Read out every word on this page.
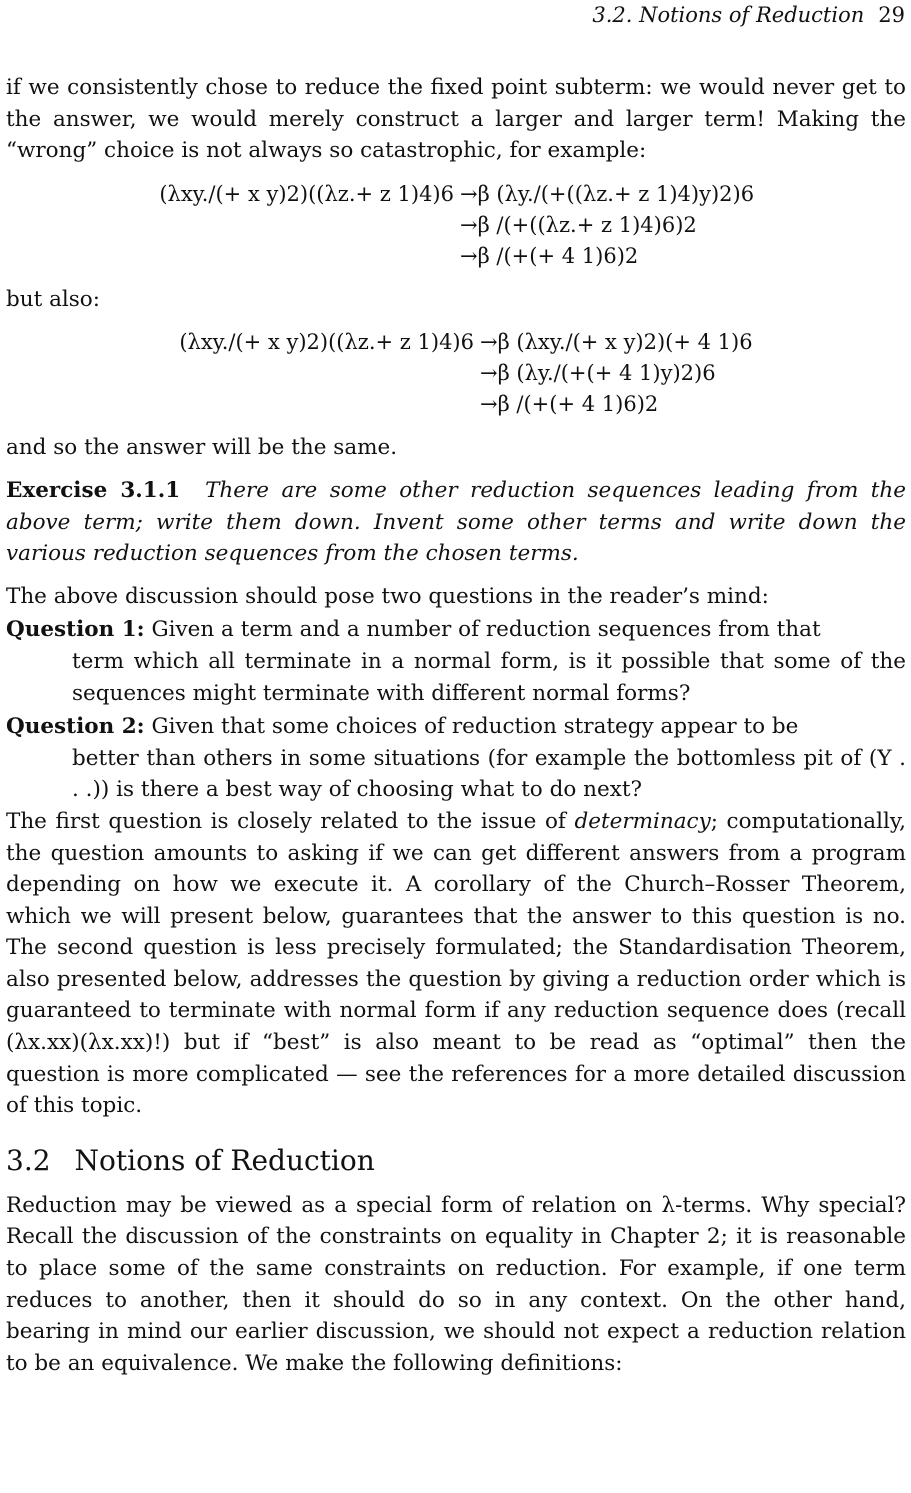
3.2. Notions of Reduction 29

if we consistently chose to reduce the fixed point subterm: we would never get to the answer, we would merely construct a larger and larger term! Making the “wrong” choice is not always so catastrophic, for example:

(λxy./(+ x y)2)((λz.+ z 1)4)6 →β (λy./(+((λz.+ z 1)4)y)2)6
→β /(+((λz.+ z 1)4)6)2
→β /(+(+ 4 1)6)2

but also:

(λxy./(+ x y)2)((λz.+ z 1)4)6 →β (λxy./(+ x y)2)(+ 4 1)6
→β (λy./(+(+ 4 1)y)2)6
→β /(+(+ 4 1)6)2

and so the answer will be the same.

Exercise 3.1.1 There are some other reduction sequences leading from the above term; write them down. Invent some other terms and write down the various reduction sequences from the chosen terms.

The above discussion should pose two questions in the reader’s mind:

Question 1: Given a term and a number of reduction sequences from that
term which all terminate in a normal form, is it possible that some of the sequences might terminate with different normal forms?
Question 2: Given that some choices of reduction strategy appear to be
better than others in some situations (for example the bottomless pit of (Y . . .)) is there a best way of choosing what to do next?

The first question is closely related to the issue of determinacy; computationally, the question amounts to asking if we can get different answers from a program depending on how we execute it. A corollary of the Church–Rosser Theorem, which we will present below, guarantees that the answer to this question is no. The second question is less precisely formulated; the Standardisation Theorem, also presented below, addresses the question by giving a reduction order which is guaranteed to terminate with normal form if any reduction sequence does (recall (λx.xx)(λx.xx)!) but if “best” is also meant to be read as “optimal” then the question is more complicated — see the references for a more detailed discussion of this topic.

3.2 Notions of Reduction

Reduction may be viewed as a special form of relation on λ-terms. Why special? Recall the discussion of the constraints on equality in Chapter 2; it is reasonable to place some of the same constraints on reduction. For example, if one term reduces to another, then it should do so in any context. On the other hand, bearing in mind our earlier discussion, we should not expect a reduction relation to be an equivalence. We make the following definitions:
